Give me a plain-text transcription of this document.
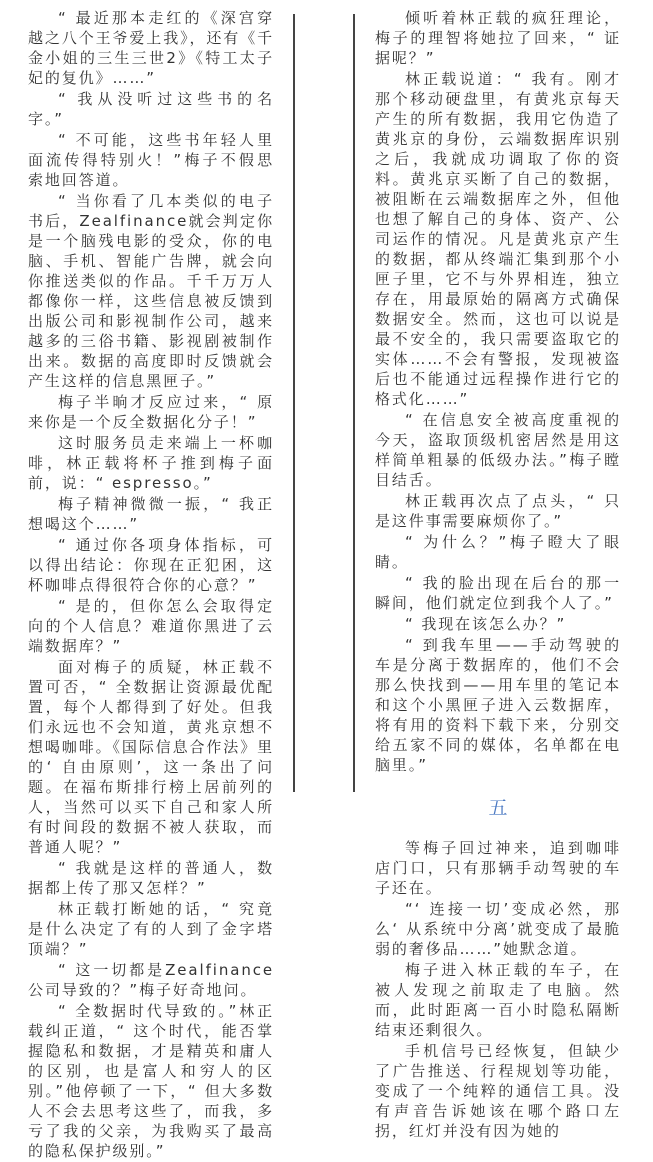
“ 最近那本走红的《深宫穿越之八个王爷爱上我》，还有《千金小姐的三生三世2》《特工太子妃的复仇》……”

“ 我从没听过这些书的名字。”

“ 不可能，这些书年轻人里面流传得特别火！”梅子不假思索地回答道。

“ 当你看了几本类似的电子书后，Zealfinance就会判定你是一个脑残电影的受众，你的电脑、手机、智能广告牌，就会向你推送类似的作品。千千万万人都像你一样，这些信息被反馈到出版公司和影视制作公司，越来越多的三俗书籍、影视剧被制作出来。数据的高度即时反馈就会产生这样的信息黑匣子。”

梅子半晌才反应过来，“ 原来你是一个反全数据化分子！”

这时服务员走来端上一杯咖啡，林正载将杯子推到梅子面前，说：“ espresso。”

梅子精神微微一振，“ 我正想喝这个……”

“ 通过你各项身体指标，可以得出结论：你现在正犯困，这杯咖啡点得很符合你的心意？”

“ 是的，但你怎么会取得定向的个人信息？难道你黑进了云端数据库？”

面对梅子的质疑，林正载不置可否，“ 全数据让资源最优配置，每个人都得到了好处。但我们永远也不会知道，黄兆京想不想喝咖啡。《国际信息合作法》里的‘ 自由原则’，这一条出了问题。在福布斯排行榜上居前列的人，当然可以买下自己和家人所有时间段的数据不被人获取，而普通人呢？”

“ 我就是这样的普通人，数据都上传了那又怎样？”

林正载打断她的话，“ 究竟是什么决定了有的人到了金字塔顶端？”

“ 这一切都是Zealfinance公司导致的？”梅子好奇地问。

“ 全数据时代导致的。”林正载纠正道，“ 这个时代，能否掌握隐私和数据，才是精英和庸人的区别，也是富人和穷人的区别。”他停顿了一下，“ 但大多数人不会去思考这些了，而我，多亏了我的父亲，为我购买了最高的隐私保护级别。”

倾听着林正载的疯狂理论，梅子的理智将她拉了回来，“ 证据呢？”

林正载说道：“ 我有。刚才那个移动硬盘里，有黄兆京每天产生的所有数据，我用它伪造了黄兆京的身份，云端数据库识别之后，我就成功调取了你的资料。黄兆京买断了自己的数据，被阻断在云端数据库之外，但他也想了解自己的身体、资产、公司运作的情况。凡是黄兆京产生的数据，都从终端汇集到那个小匣子里，它不与外界相连，独立存在，用最原始的隔离方式确保数据安全。然而，这也可以说是最不安全的，我只需要盗取它的实体……不会有警报，发现被盗后也不能通过远程操作进行它的格式化……”

“ 在信息安全被高度重视的今天，盗取顶级机密居然是用这样简单粗暴的低级办法。”梅子瞠目结舌。

林正载再次点了点头，“ 只是这件事需要麻烦你了。”

“ 为什么？”梅子瞪大了眼睛。

“ 我的脸出现在后台的那一瞬间，他们就定位到我个人了。”

“ 我现在该怎么办？”

“ 到我车里——手动驾驶的车是分离于数据库的，他们不会那么快找到——用车里的笔记本和这个小黑匣子进入云数据库，将有用的资料下载下来，分别交给五家不同的媒体，名单都在电脑里。”

五

等梅子回过神来，追到咖啡店门口，只有那辆手动驾驶的车子还在。

“‘ 连接一切’变成必然，那么‘ 从系统中分离’就变成了最脆弱的奢侈品……”她默念道。

梅子进入林正载的车子，在被人发现之前取走了电脑。然而，此时距离一百小时隐私隔断结束还剩很久。

手机信号已经恢复，但缺少了广告推送、行程规划等功能，变成了一个纯粹的通信工具。没有声音告诉她该在哪个路口左拐，红灯并没有因为她的
